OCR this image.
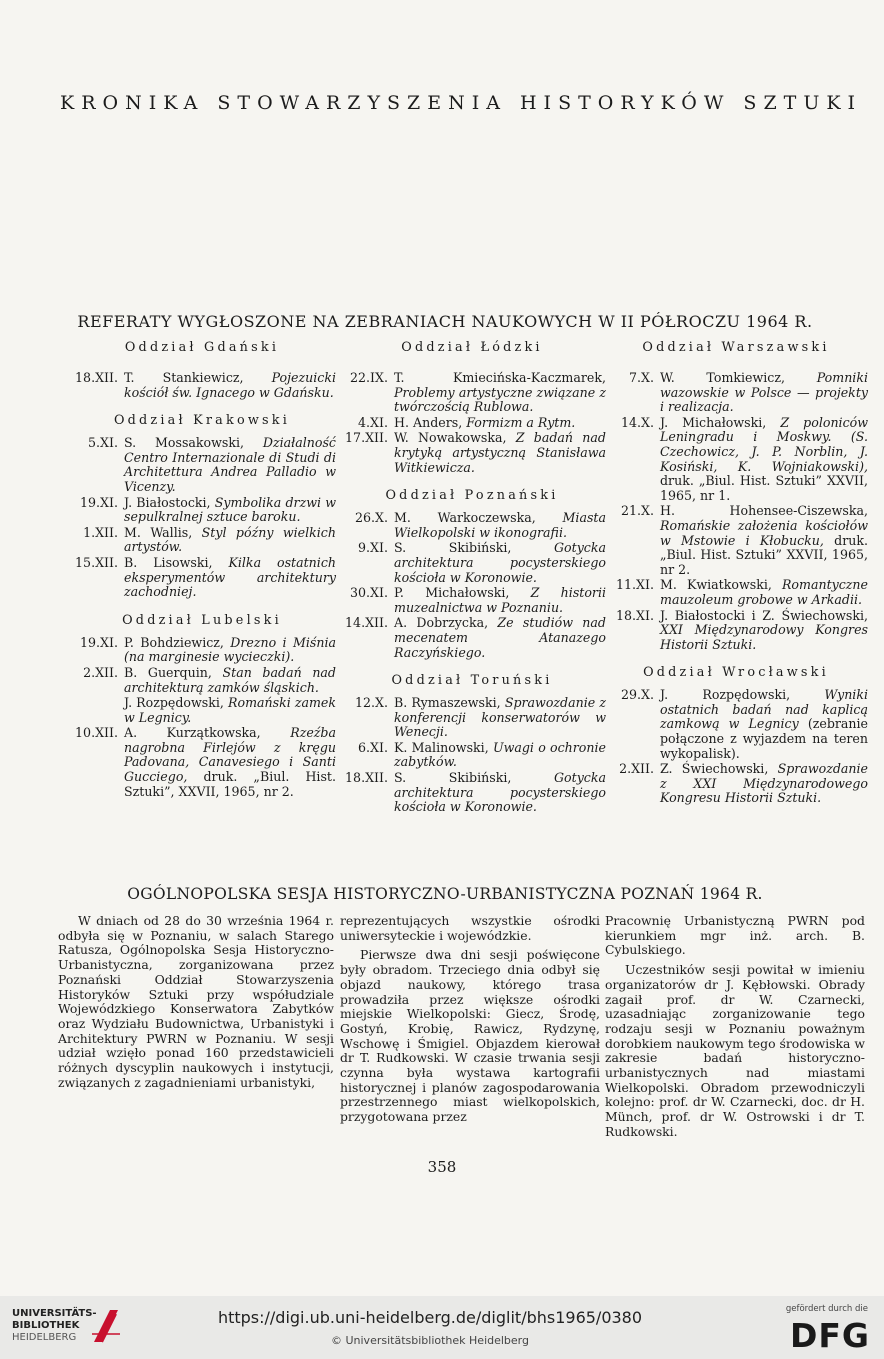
KRONIKA STOWARZYSZENIA HISTORYKÓW SZTUKI
REFERATY WYGŁOSZONE NA ZEBRANIACH NAUKOWYCH W II PÓŁROCZU 1964 R.
Oddział Gdański
18.XII. T. Stankiewicz, Pojezuicki kościół św. Ignacego w Gdańsku.
Oddział Krakowski
5.XI. S. Mossakowski, Działalność Centro Internazionale di Studi di Architettura Andrea Palladio w Vicenzy.
19.XI. J. Białostocki, Symbolika drzwi w sepulkralnej sztuce baroku.
1.XII. M. Wallis, Styl późny wielkich artystów.
15.XII. B. Lisowski, Kilka ostatnich eksperymentów architektury zachodniej.
Oddział Lubelski
19.XI. P. Bohdziewicz, Drezno i Miśnia (na marginesie wycieczki).
2.XII. B. Guerquin, Stan badań nad architekturą zamków śląskich.
J. Rozpędowski, Romański zamek w Legnicy.
10.XII. A. Kurzątkowska, Rzeźba nagrobna Firlejów z kręgu Padovana, Canavesiego i Santi Gucciego, druk. „Biul. Hist. Sztuki”, XXVII, 1965, nr 2.
Oddział Łódzki
22.IX. T. Kmiecińska-Kaczmarek, Problemy artystyczne związane z twórczością Rublowa.
4.XI. H. Anders, Formizm a Rytm.
17.XII. W. Nowakowska, Z badań nad krytyką artystyczną Stanisława Witkiewicza.
Oddział Poznański
26.X. M. Warkoczewska, Miasta Wielkopolski w ikonografii.
9.XI. S. Skibiński,	Gotycka architektura pocysterskiego kościoła w Koronowie.
30.XI. P. Michałowski, Z historii muzealnictwa w Poznaniu.
14.XII. A. Dobrzycka, Ze studiów nad mecenatem Atanazego Raczyńskiego.
Oddział Toruński
12.X. B. Rymaszewski, Sprawozdanie z konferencji konserwatorów w Wenecji.
6.XI. K. Malinowski, Uwagi o ochronie zabytków.
18.XII. S. Skibiński,	Gotycka architektura pocysterskiego kościoła w Koronowie.
Oddział Warszawski
7.X. W. Tomkiewicz,	Pomniki wazowskie w Polsce — projekty i realizacja.
14.X. J. Michałowski, Z poloniców Leningradu i Moskwy. (S. Czechowicz, J. P. Norblin, J. Kosiński, K. Wojniakowski), druk. „Biul. Hist. Sztuki” XXVII, 1965, nr 1.
21.X. H. Hohensee-Ciszewska, Romańskie założenia kościołów w Mstowie i Kłobucku, druk. „Biul. Hist. Sztuki” XXVII, 1965, nr 2.
11.XI. M. Kwiatkowski, Romantyczne mauzoleum grobowe w Arkadii.
18.XI. J. Białostocki i Z. Świechowski, XXI Międzynarodowy Kongres Historii Sztuki.
Oddział Wrocławski
29.X. J. Rozpędowski,	Wyniki ostatnich badań nad kaplicą zamkową w Legnicy (zebranie połączone z wyjazdem na teren wykopalisk).
2.XII. Z. Świechowski, Sprawozdanie z XXI Międzynarodowego Kongresu Historii Sztuki.
OGÓLNOPOLSKA SESJA HISTORYCZNO-URBANISTYCZNA POZNAŃ 1964 R.

W dniach od 28 do 30 września 1964 r. odbyła się w Poznaniu, w salach Starego Ratusza, Ogólnopolska Sesja Historyczno-Urbanistyczna, zorganizowana przez Poznański Oddział Stowarzyszenia Historyków Sztuki przy współudziale Wojewódzkiego Konserwatora Zabytków oraz Wydziału Budownictwa, Urbanistyki i Architektury PWRN w Poznaniu. W sesji udział wzięło ponad 160 przedstawicieli różnych dyscyplin naukowych i instytucji, związanych z zagadnieniami urbanistyki,

reprezentujących wszystkie ośrodki uniwersyteckie i wojewódzkie.

Pierwsze dwa dni sesji poświęcone były obradom. Trzeciego dnia odbył się objazd naukowy, którego trasa prowadziła przez większe ośrodki miejskie Wielkopolski: Giecz, Środę, Gostyń, Krobię, Rawicz, Rydzynę, Wschowę i Śmigiel. Objazdem kierował dr T. Rudkowski. W czasie trwania sesji czynna była wystawa kartografii historycznej i planów zagospodarowania przestrzennego miast wielkopolskich, przygotowana przez

Pracownię Urbanistyczną PWRN pod kierunkiem mgr inż. arch. B. Cybulskiego.

Uczestników sesji powitał w imieniu organizatorów dr J. Kębłowski. Obrady zagaił prof. dr W. Czarnecki, uzasadniając zorganizowanie tego rodzaju sesji w Poznaniu poważnym dorobkiem naukowym tego środowiska w zakresie badań historyczno-urbanistycznych nad miastami Wielkopolski. Obradom przewodniczyli kolejno: prof. dr W. Czarnecki, doc. dr H. Münch, prof. dr W. Ostrowski i dr T. Rudkowski.

358
UNIVERSITÄTS-
BIBLIOTHEK
HEIDELBERG
https://digi.ub.uni-heidelberg.de/diglit/bhs1965/0380
© Universitätsbibliothek Heidelberg
gefördert durch die
DFG
